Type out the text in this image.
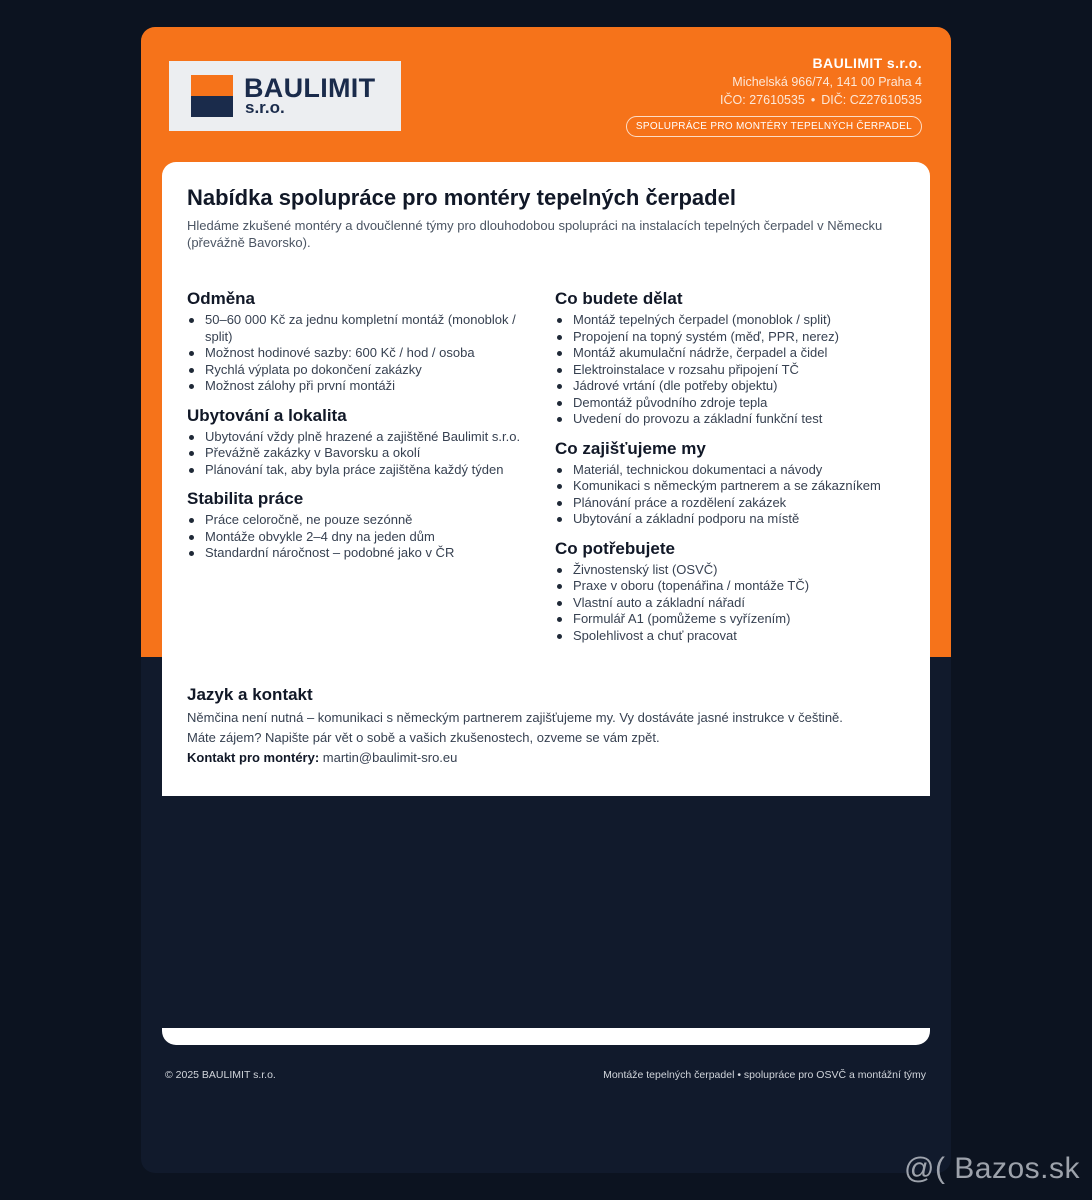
BAULIMIT
s.r.o.
BAULIMIT s.r.o.
Michelská 966/74, 141 00 Praha 4
IČO: 27610535 • DIČ: CZ27610535
SPOLUPRÁCE PRO MONTÉRY TEPELNÝCH ČERPADEL
Nabídka spolupráce pro montéry tepelných čerpadel
Hledáme zkušené montéry a dvoučlenné týmy pro dlouhodobou spolupráci na instalacích tepelných čerpadel v Německu (převážně Bavorsko).
Odměna
50–60 000 Kč za jednu kompletní montáž (monoblok / split)
Možnost hodinové sazby: 600 Kč / hod / osoba
Rychlá výplata po dokončení zakázky
Možnost zálohy při první montáži
Ubytování a lokalita
Ubytování vždy plně hrazené a zajištěné Baulimit s.r.o.
Převážně zakázky v Bavorsku a okolí
Plánování tak, aby byla práce zajištěna každý týden
Stabilita práce
Práce celoročně, ne pouze sezónně
Montáže obvykle 2–4 dny na jeden dům
Standardní náročnost – podobné jako v ČR
Co budete dělat
Montáž tepelných čerpadel (monoblok / split)
Propojení na topný systém (měď, PPR, nerez)
Montáž akumulační nádrže, čerpadel a čidel
Elektroinstalace v rozsahu připojení TČ
Jádrové vrtání (dle potřeby objektu)
Demontáž původního zdroje tepla
Uvedení do provozu a základní funkční test
Co zajišťujeme my
Materiál, technickou dokumentaci a návody
Komunikaci s německým partnerem a se zákazníkem
Plánování práce a rozdělení zakázek
Ubytování a základní podporu na místě
Co potřebujete
Živnostenský list (OSVČ)
Praxe v oboru (topenářina / montáže TČ)
Vlastní auto a základní nářadí
Formulář A1 (pomůžeme s vyřízením)
Spolehlivost a chuť pracovat
Jazyk a kontakt
Němčina není nutná – komunikaci s německým partnerem zajišťujeme my. Vy dostáváte jasné instrukce v češtině.
Máte zájem? Napište pár vět o sobě a vašich zkušenostech, ozveme se vám zpět.
Kontakt pro montéry: martin@baulimit-sro.eu
© 2025 BAULIMIT s.r.o.	Montáže tepelných čerpadel • spolupráce pro OSVČ a montážní týmy
@( Bazos.sk
